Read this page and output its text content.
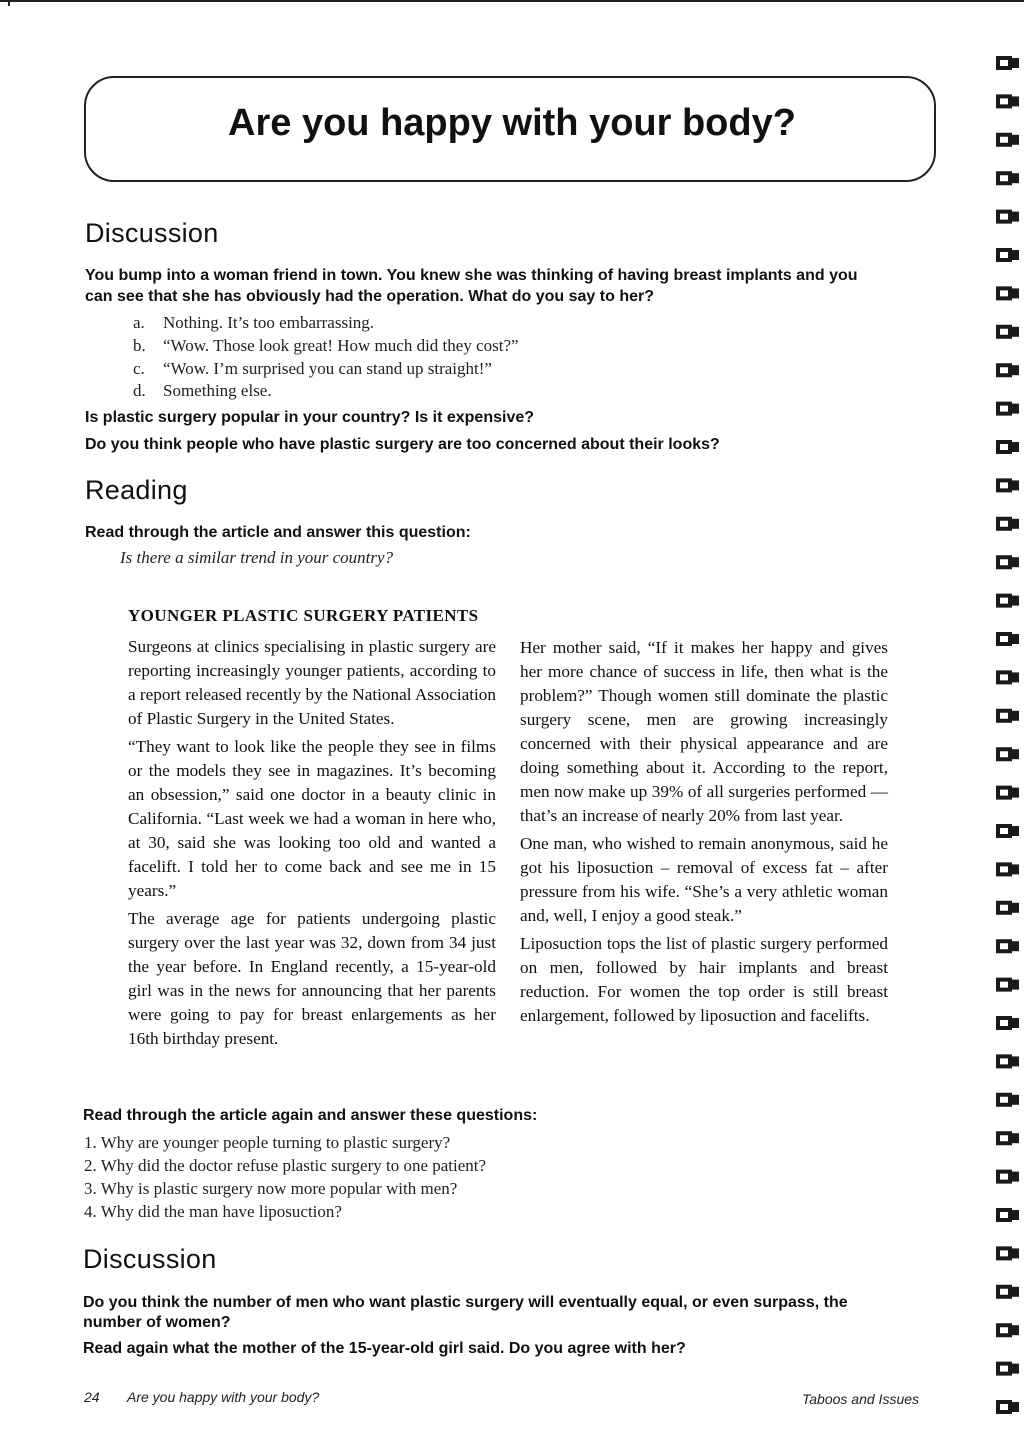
Are you happy with your body?
Discussion
You bump into a woman friend in town. You knew she was thinking of having breast implants and you
can see that she has obviously had the operation. What do you say to her?
a. Nothing. It’s too embarrassing.
b. “Wow. Those look great! How much did they cost?”
c. “Wow. I’m surprised you can stand up straight!”
d. Something else.
Is plastic surgery popular in your country? Is it expensive?
Do you think people who have plastic surgery are too concerned about their looks?
Reading
Read through the article and answer this question:
Is there a similar trend in your country?
YOUNGER PLASTIC SURGERY PATIENTS

Surgeons at clinics specialising in plastic surgery are reporting increasingly younger patients, according to a report released recently by the National Association of Plastic Surgery in the United States.

“They want to look like the people they see in films or the models they see in magazines. It’s becoming an obsession,” said one doctor in a beauty clinic in California. “Last week we had a woman in here who, at 30, said she was looking too old and wanted a facelift. I told her to come back and see me in 15 years.”

The average age for patients undergoing plastic surgery over the last year was 32, down from 34 just the year before. In England recently, a 15-year-old girl was in the news for announcing that her parents were going to pay for breast enlargements as her 16th birthday present.

Her mother said, “If it makes her happy and gives her more chance of success in life, then what is the problem?” Though women still dominate the plastic surgery scene, men are growing increasingly concerned with their physical appearance and are doing something about it. According to the report, men now make up 39% of all surgeries performed — that’s an increase of nearly 20% from last year.

One man, who wished to remain anonymous, said he got his liposuction – removal of excess fat – after pressure from his wife. “She’s a very athletic woman and, well, I enjoy a good steak.”

Liposuction tops the list of plastic surgery performed on men, followed by hair implants and breast reduction. For women the top order is still breast enlargement, followed by liposuction and facelifts.

Read through the article again and answer these questions:
1. Why are younger people turning to plastic surgery?
2. Why did the doctor refuse plastic surgery to one patient?
3. Why is plastic surgery now more popular with men?
4. Why did the man have liposuction?
Discussion
Do you think the number of men who want plastic surgery will eventually equal, or even surpass, the
number of women?
Read again what the mother of the 15-year-old girl said. Do you agree with her?
24 Are you happy with your body?	Taboos and Issues
